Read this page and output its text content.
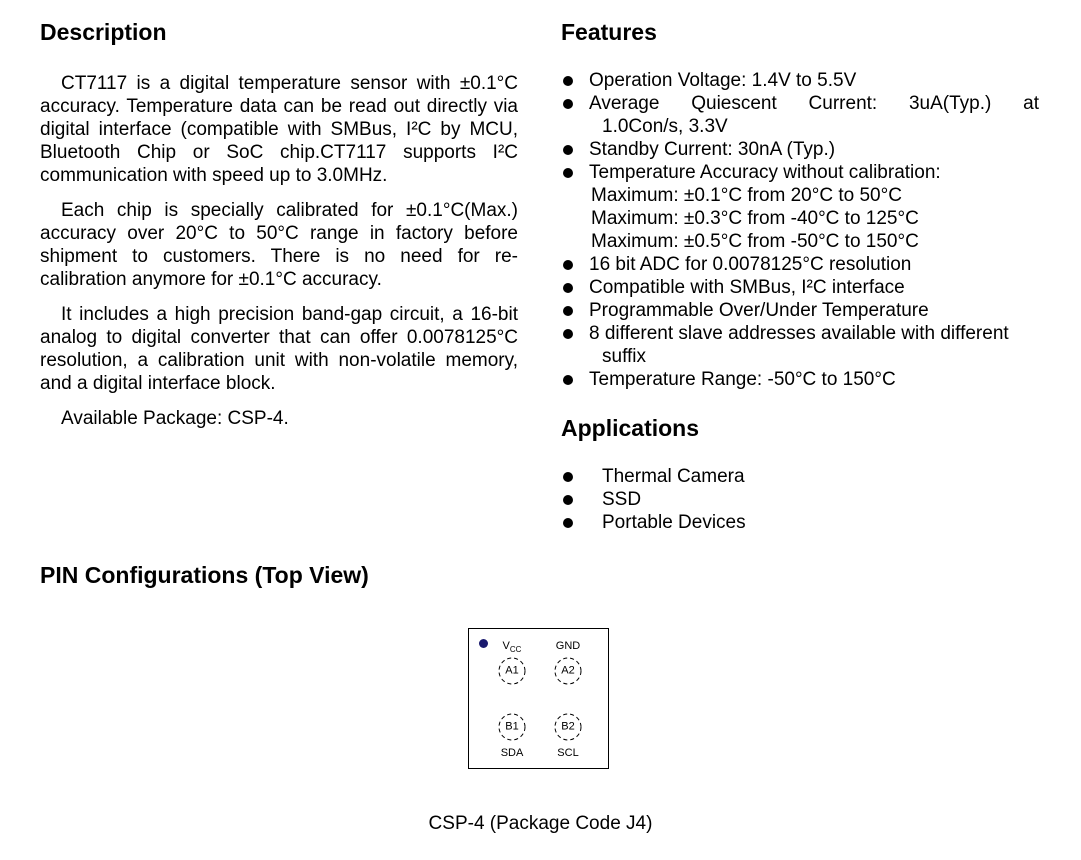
Description

CT7117 is a digital temperature sensor with ±0.1°C accuracy. Temperature data can be read out directly via digital interface (compatible with SMBus, I²C by MCU, Bluetooth Chip or SoC chip.CT7117 supports I²C communication with speed up to 3.0MHz.

Each chip is specially calibrated for ±0.1°C(Max.) accuracy over 20°C to 50°C range in factory before shipment to customers. There is no need for re-calibration anymore for ±0.1°C accuracy.

It includes a high precision band-gap circuit, a 16-bit analog to digital converter that can offer 0.0078125°C resolution, a calibration unit with non-volatile memory, and a digital interface block.

Available Package: CSP-4.

Features
Operation Voltage: 1.4V to 5.5V
Average Quiescent Current: 3uA(Typ.) at
1.0Con/s, 3.3V
Standby Current: 30nA (Typ.)
Temperature Accuracy without calibration:
Maximum: ±0.1°C from 20°C to 50°C
Maximum: ±0.3°C from -40°C to 125°C
Maximum: ±0.5°C from -50°C to 150°C
16 bit ADC for 0.0078125°C resolution
Compatible with SMBus, I²C interface
Programmable Over/Under Temperature
8 different slave addresses available with different
suffix
Temperature Range: -50°C to 150°C
Applications
Thermal Camera
SSD
Portable Devices
PIN Configurations (Top View)
$V_{CC}$	GND
SDA	SCL
A1	A2
B1	B2
CSP-4 (Package Code J4)
